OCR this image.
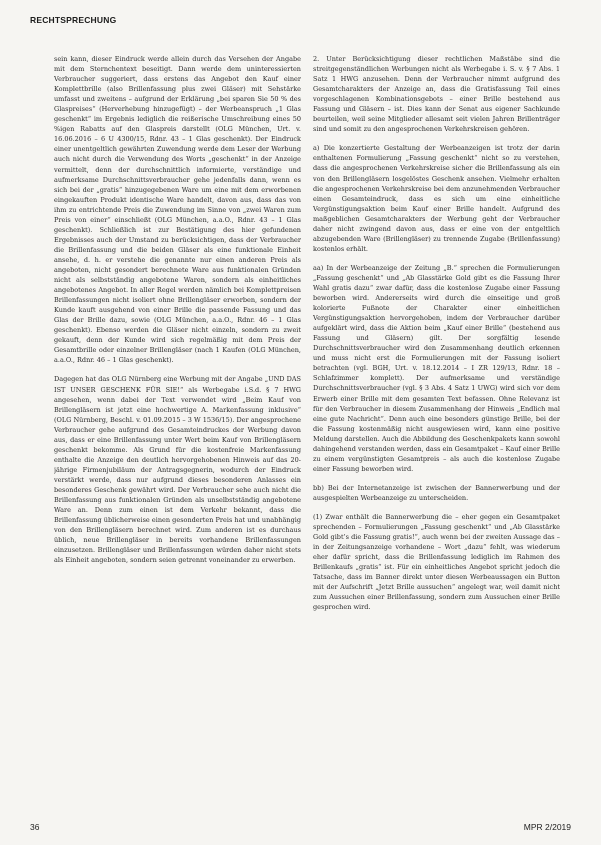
RECHTSPRECHUNG

sein kann, dieser Eindruck werde allein durch das Versehen der Angabe mit dem Sternchentext beseitigt. Dann werde dem uninteressierten Verbraucher suggeriert, dass erstens das Angebot den Kauf einer Komplettbrille (also Brillenfassung plus zwei Gläser) mit Sehstärke umfasst und zweitens – aufgrund der Erklärung „bei sparen Sie 50 % des Glaspreises“ (Herverhebung hinzugefügt) – der Werbeanspruch „1 Glas geschenkt“ im Ergebnis lediglich die reißerische Umschreibung eines 50 %igen Rabatts auf den Glaspreis darstellt (OLG München, Urt. v. 16.06.2016 – 6 U 4300/15, Rdnr. 43 – 1 Glas geschenkt). Der Eindruck einer unentgeltlich gewährten Zuwendung werde dem Leser der Werbung auch nicht durch die Verwendung des Worts „geschenkt“ in der Anzeige vermittelt, denn der durchschnittlich informierte, verständige und aufmerksame Durchschnittsverbraucher gehe jedenfalls dann, wenn es sich bei der „gratis“ hinzugegebenen Ware um eine mit dem erworbenen eingekauften Produkt identische Ware handelt, davon aus, dass das von ihm zu entrichtende Preis die Zuwendung im Sinne von „zwei Waren zum Preis von einer“ einschließt (OLG München, a.a.O., Rdnr. 43 – 1 Glas geschenkt). Schließlich ist zur Bestätigung des hier gefundenen Ergebnisses auch der Umstand zu berücksichtigen, dass der Verbraucher die Brillenfassung und die beiden Gläser als eine funktionale Einheit ansehe, d. h. er verstehe die genannte nur einen anderen Preis als angeboten, nicht gesondert berechnete Ware aus funktionalen Gründen nicht als selbstständig angebotene Waren, sondern als einheitliches angebotenes Angebot. In aller Regel werden nämlich bei Komplettpreisen Brillenfassungen nicht isoliert ohne Brillengläser erworben, sondern der Kunde kauft ausgehend von einer Brille die passende Fassung und das Glas der Brille dazu, sowie (OLG München, a.a.O., Rdnr. 46 – 1 Glas geschenkt). Ebenso werden die Gläser nicht einzeln, sondern zu zweit gekauft, denn der Kunde wird sich regelmäßig mit dem Preis der Gesamtbrille oder einzelner Brillengläser (nach 1 Kaufen (OLG München, a.a.O., Rdnr. 46 – 1 Glas geschenkt).

Dagegen hat das OLG Nürnberg eine Werbung mit der Angabe „UND DAS IST UNSER GESCHENK FÜR SIE!“ als Werbegabe i.S.d. § 7 HWG angesehen, wenn dabei der Text verwendet wird „Beim Kauf von Brillengläsern ist jetzt eine hochwertige A. Markenfassung inklusive“ (OLG Nürnberg, Beschl. v. 01.09.2015 – 3 W 1536/15). Der angesprochene Verbraucher gehe aufgrund des Gesamteindruckes der Werbung davon aus, dass er eine Brillenfassung unter Wert beim Kauf von Brillengläsern geschenkt bekomme. Als Grund für die kostenfreie Markenfassung enthalte die Anzeige den deutlich hervorgehobenen Hinweis auf das 20-jährige Firmenjubiläum der Antragsgegnerin, wodurch der Eindruck verstärkt werde, dass nur aufgrund dieses besonderen Anlasses ein besonderes Geschenk gewährt wird. Der Verbraucher sehe auch nicht die Brillenfassung aus funktionalen Gründen als unselbstständig angebotene Ware an. Denn zum einen ist dem Verkehr bekannt, dass die Brillenfassung üblicherweise einen gesonderten Preis hat und unabhängig von den Brillengläsern berechnet wird. Zum anderen ist es durchaus üblich, neue Brillengläser in bereits vorhandene Brillenfassungen einzusetzen. Brillengläser und Brillenfassungen würden daher nicht stets als Einheit angeboten, sondern seien getrennt voneinander zu erwerben.

2. Unter Berücksichtigung dieser rechtlichen Maßstäbe sind die streitgegenständlichen Werbungen nicht als Werbegabe i. S. v. § 7 Abs. 1 Satz 1 HWG anzusehen. Denn der Verbraucher nimmt aufgrund des Gesamtcharakters der Anzeige an, dass die Gratisfassung Teil eines vorgeschlagenen Kombinationsgebots – einer Brille bestehend aus Fassung und Gläsern – ist. Dies kann der Senat aus eigener Sachkunde beurteilen, weil seine Mitglieder allesamt seit vielen Jahren Brillenträger sind und somit zu den angesprochenen Verkehrskreisen gehören.

a) Die konzertierte Gestaltung der Werbeanzeigen ist trotz der darin enthaltenen Formulierung „Fassung geschenkt“ nicht so zu verstehen, dass die angesprochenen Verkehrskreise sicher die Brillenfassung als ein von den Brillengläsern losgelöstes Geschenk ansehen. Vielmehr erhalten die angesprochenen Verkehrskreise bei dem anzunehmenden Verbraucher einen Gesamteindruck, dass es sich um eine einheitliche Vergünstigungsaktion beim Kauf einer Brille handelt. Aufgrund des maßgeblichen Gesamtcharakters der Werbung geht der Verbraucher daher nicht zwingend davon aus, dass er eine von der entgeltlich abzugebenden Ware (Brillengläser) zu trennende Zugabe (Brillenfassung) kostenlos erhält.

aa) In der Werbeanzeige der Zeitung „B.“ sprechen die Formulierungen „Fassung geschenkt“ und „Ab Glasstärke Gold gibt es die Fassung Ihrer Wahl gratis dazu“ zwar dafür, dass die kostenlose Zugabe einer Fassung beworben wird. Andererseits wird durch die einseitige und groß kolorierte Fußnote der Charakter einer einheitlichen Vergünstigungsaktion hervorgehoben, indem der Verbraucher darüber aufgeklärt wird, dass die Aktion beim „Kauf einer Brille“ (bestehend aus Fassung und Gläsern) gilt. Der sorgfältig lesende Durchschnittsverbraucher wird den Zusammenhang deutlich erkennen und muss nicht erst die Formulierungen mit der Fassung isoliert betrachten (vgl. BGH, Urt. v. 18.12.2014 – I ZR 129/13, Rdnr. 18 – Schlafzimmer komplett). Der aufmerksame und verständige Durchschnittsverbraucher (vgl. § 3 Abs. 4 Satz 1 UWG) wird sich vor dem Erwerb einer Brille mit dem gesamten Text befassen. Ohne Relevanz ist für den Verbraucher in diesem Zusammenhang der Hinweis „Endlich mal eine gute Nachricht“. Denn auch eine besonders günstige Brille, bei der die Fassung kostenmäßig nicht ausgewiesen wird, kann eine positive Meldung darstellen. Auch die Abbildung des Geschenkpakets kann sowohl dahingehend verstanden werden, dass ein Gesamtpaket – Kauf einer Brille zu einem vergünstigten Gesamtpreis – als auch die kostenlose Zugabe einer Fassung beworben wird.

bb) Bei der Internetanzeige ist zwischen der Bannerwerbung und der ausgespielten Werbeanzeige zu unterscheiden.

(1) Zwar enthält die Bannerwerbung die – eher gegen ein Gesamtpaket sprechenden – Formulierungen „Fassung geschenkt“ und „Ab Glasstärke Gold gibt’s die Fassung gratis!“, auch wenn bei der zweiten Aussage das – in der Zeitungsanzeige vorhandene – Wort „dazu“ fehlt, was wiederum eher dafür spricht, dass die Brillenfassung lediglich im Rahmen des Brillenkaufs „gratis“ ist. Für ein einheitliches Angebot spricht jedoch die Tatsache, dass im Banner direkt unter diesen Werbeaussagen ein Button mit der Aufschrift „Jetzt Brille aussuchen“ angelegt war, weil damit nicht zum Aussuchen einer Brillenfassung, sondern zum Aussuchen einer Brille gesprochen wird.

36	MPR 2/2019
